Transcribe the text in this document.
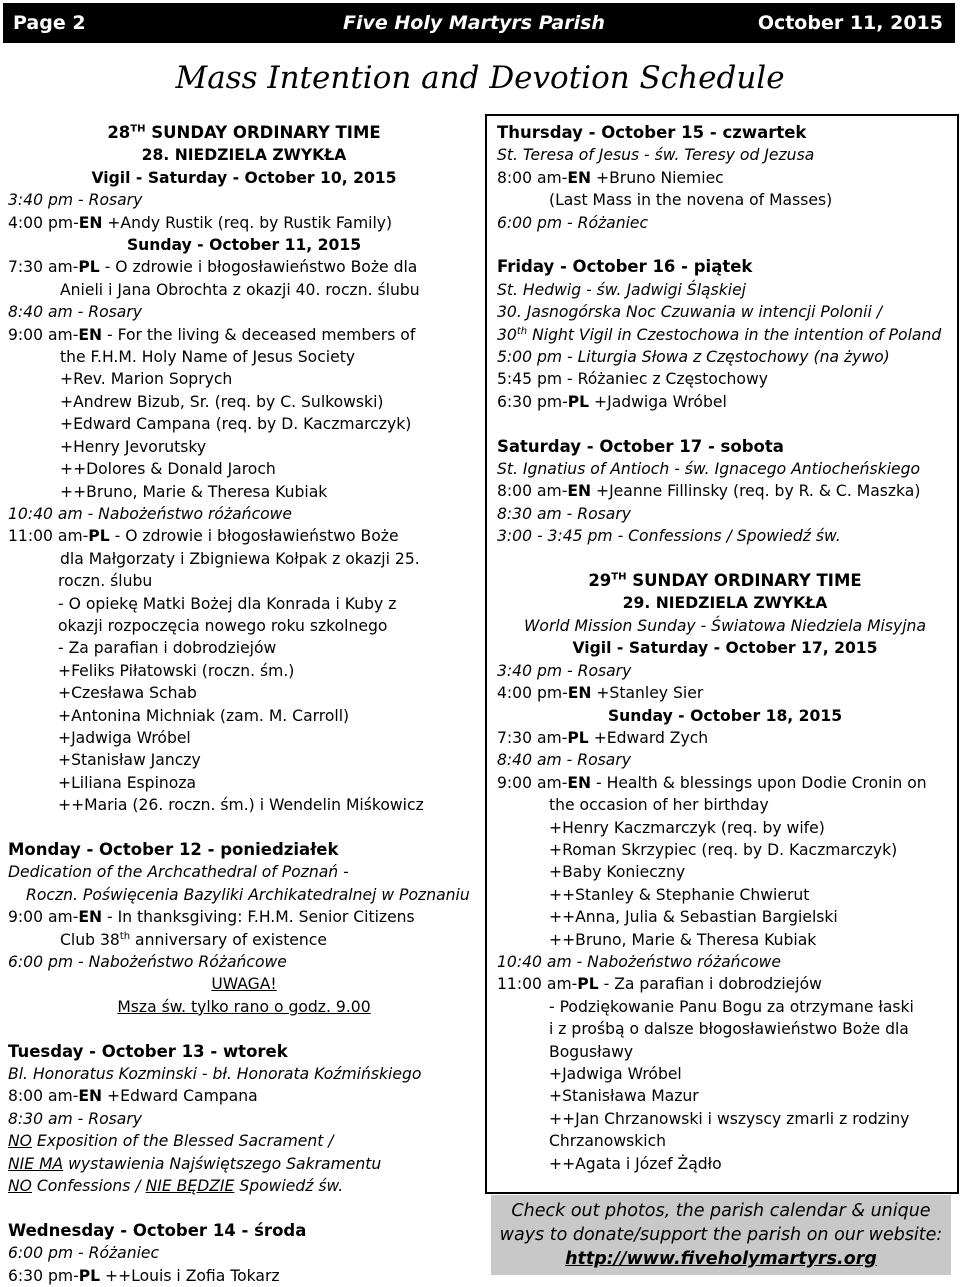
Page 2	Five Holy Martyrs Parish	October 11, 2015
Mass Intention and Devotion Schedule
28TH SUNDAY ORDINARY TIME
28. NIEDZIELA ZWYKŁA
Vigil - Saturday - October 10, 2015
3:40 pm - Rosary
4:00 pm-EN +Andy Rustik (req. by Rustik Family)
Sunday - October 11, 2015
7:30 am-PL - O zdrowie i błogosławieństwo Boże dla
Anieli i Jana Obrochta z okazji 40. roczn. ślubu
8:40 am - Rosary
9:00 am-EN - For the living & deceased members of
the F.H.M. Holy Name of Jesus Society
+Rev. Marion Soprych
+Andrew Bizub, Sr. (req. by C. Sulkowski)
+Edward Campana (req. by D. Kaczmarczyk)
+Henry Jevorutsky
++Dolores & Donald Jaroch
++Bruno, Marie & Theresa Kubiak
10:40 am - Nabożeństwo różańcowe
11:00 am-PL - O zdrowie i błogosławieństwo Boże
dla Małgorzaty i Zbigniewa Kołpak z okazji 25.
roczn. ślubu
- O opiekę Matki Bożej dla Konrada i Kuby z
okazji rozpoczęcia nowego roku szkolnego
- Za parafian i dobrodziejów
+Feliks Piłatowski (roczn. śm.)
+Czesława Schab
+Antonina Michniak (zam. M. Carroll)
+Jadwiga Wróbel
+Stanisław Janczy
+Liliana Espinoza
++Maria (26. roczn. śm.) i Wendelin Miśkowicz
Monday - October 12 - poniedziałek
Dedication of the Archcathedral of Poznań -
Roczn. Poświęcenia Bazyliki Archikatedralnej w Poznaniu
9:00 am-EN - In thanksgiving: F.H.M. Senior Citizens
Club 38th anniversary of existence
6:00 pm - Nabożeństwo Różańcowe
UWAGA!
Msza św. tylko rano o godz. 9.00
Tuesday - October 13 - wtorek
Bl. Honoratus Kozminski - bł. Honorata Koźmińskiego
8:00 am-EN +Edward Campana
8:30 am - Rosary
NO Exposition of the Blessed Sacrament /
NIE MA wystawienia Najświętszego Sakramentu
NO Confessions / NIE BĘDZIE Spowiedź św.
Wednesday - October 14 - środa
6:00 pm - Różaniec
6:30 pm-PL ++Louis i Zofia Tokarz
Thursday - October 15 - czwartek
St. Teresa of Jesus - św. Teresy od Jezusa
8:00 am-EN +Bruno Niemiec
(Last Mass in the novena of Masses)
6:00 pm - Różaniec
Friday - October 16 - piątek
St. Hedwig - św. Jadwigi Śląskiej
30. Jasnogórska Noc Czuwania w intencji Polonii /
30th Night Vigil in Czestochowa in the intention of Poland
5:00 pm - Liturgia Słowa z Częstochowy (na żywo)
5:45 pm - Różaniec z Częstochowy
6:30 pm-PL +Jadwiga Wróbel
Saturday - October 17 - sobota
St. Ignatius of Antioch - św. Ignacego Antiocheńskiego
8:00 am-EN +Jeanne Fillinsky (req. by R. & C. Maszka)
8:30 am - Rosary
3:00 - 3:45 pm - Confessions / Spowiedź św.
29TH SUNDAY ORDINARY TIME
29. NIEDZIELA ZWYKŁA
World Mission Sunday - Światowa Niedziela Misyjna
Vigil - Saturday - October 17, 2015
3:40 pm - Rosary
4:00 pm-EN +Stanley Sier
Sunday - October 18, 2015
7:30 am-PL +Edward Zych
8:40 am - Rosary
9:00 am-EN - Health & blessings upon Dodie Cronin on
the occasion of her birthday
+Henry Kaczmarczyk (req. by wife)
+Roman Skrzypiec (req. by D. Kaczmarczyk)
+Baby Konieczny
++Stanley & Stephanie Chwierut
++Anna, Julia & Sebastian Bargielski
++Bruno, Marie & Theresa Kubiak
10:40 am - Nabożeństwo różańcowe
11:00 am-PL - Za parafian i dobrodziejów
- Podziękowanie Panu Bogu za otrzymane łaski
i z prośbą o dalsze błogosławieństwo Boże dla
Bogusławy
+Jadwiga Wróbel
+Stanisława Mazur
++Jan Chrzanowski i wszyscy zmarli z rodziny
Chrzanowskich
++Agata i Józef Żądło
Check out photos, the parish calendar & unique
ways to donate/support the parish on our website:
http://www.fiveholymartyrs.org
